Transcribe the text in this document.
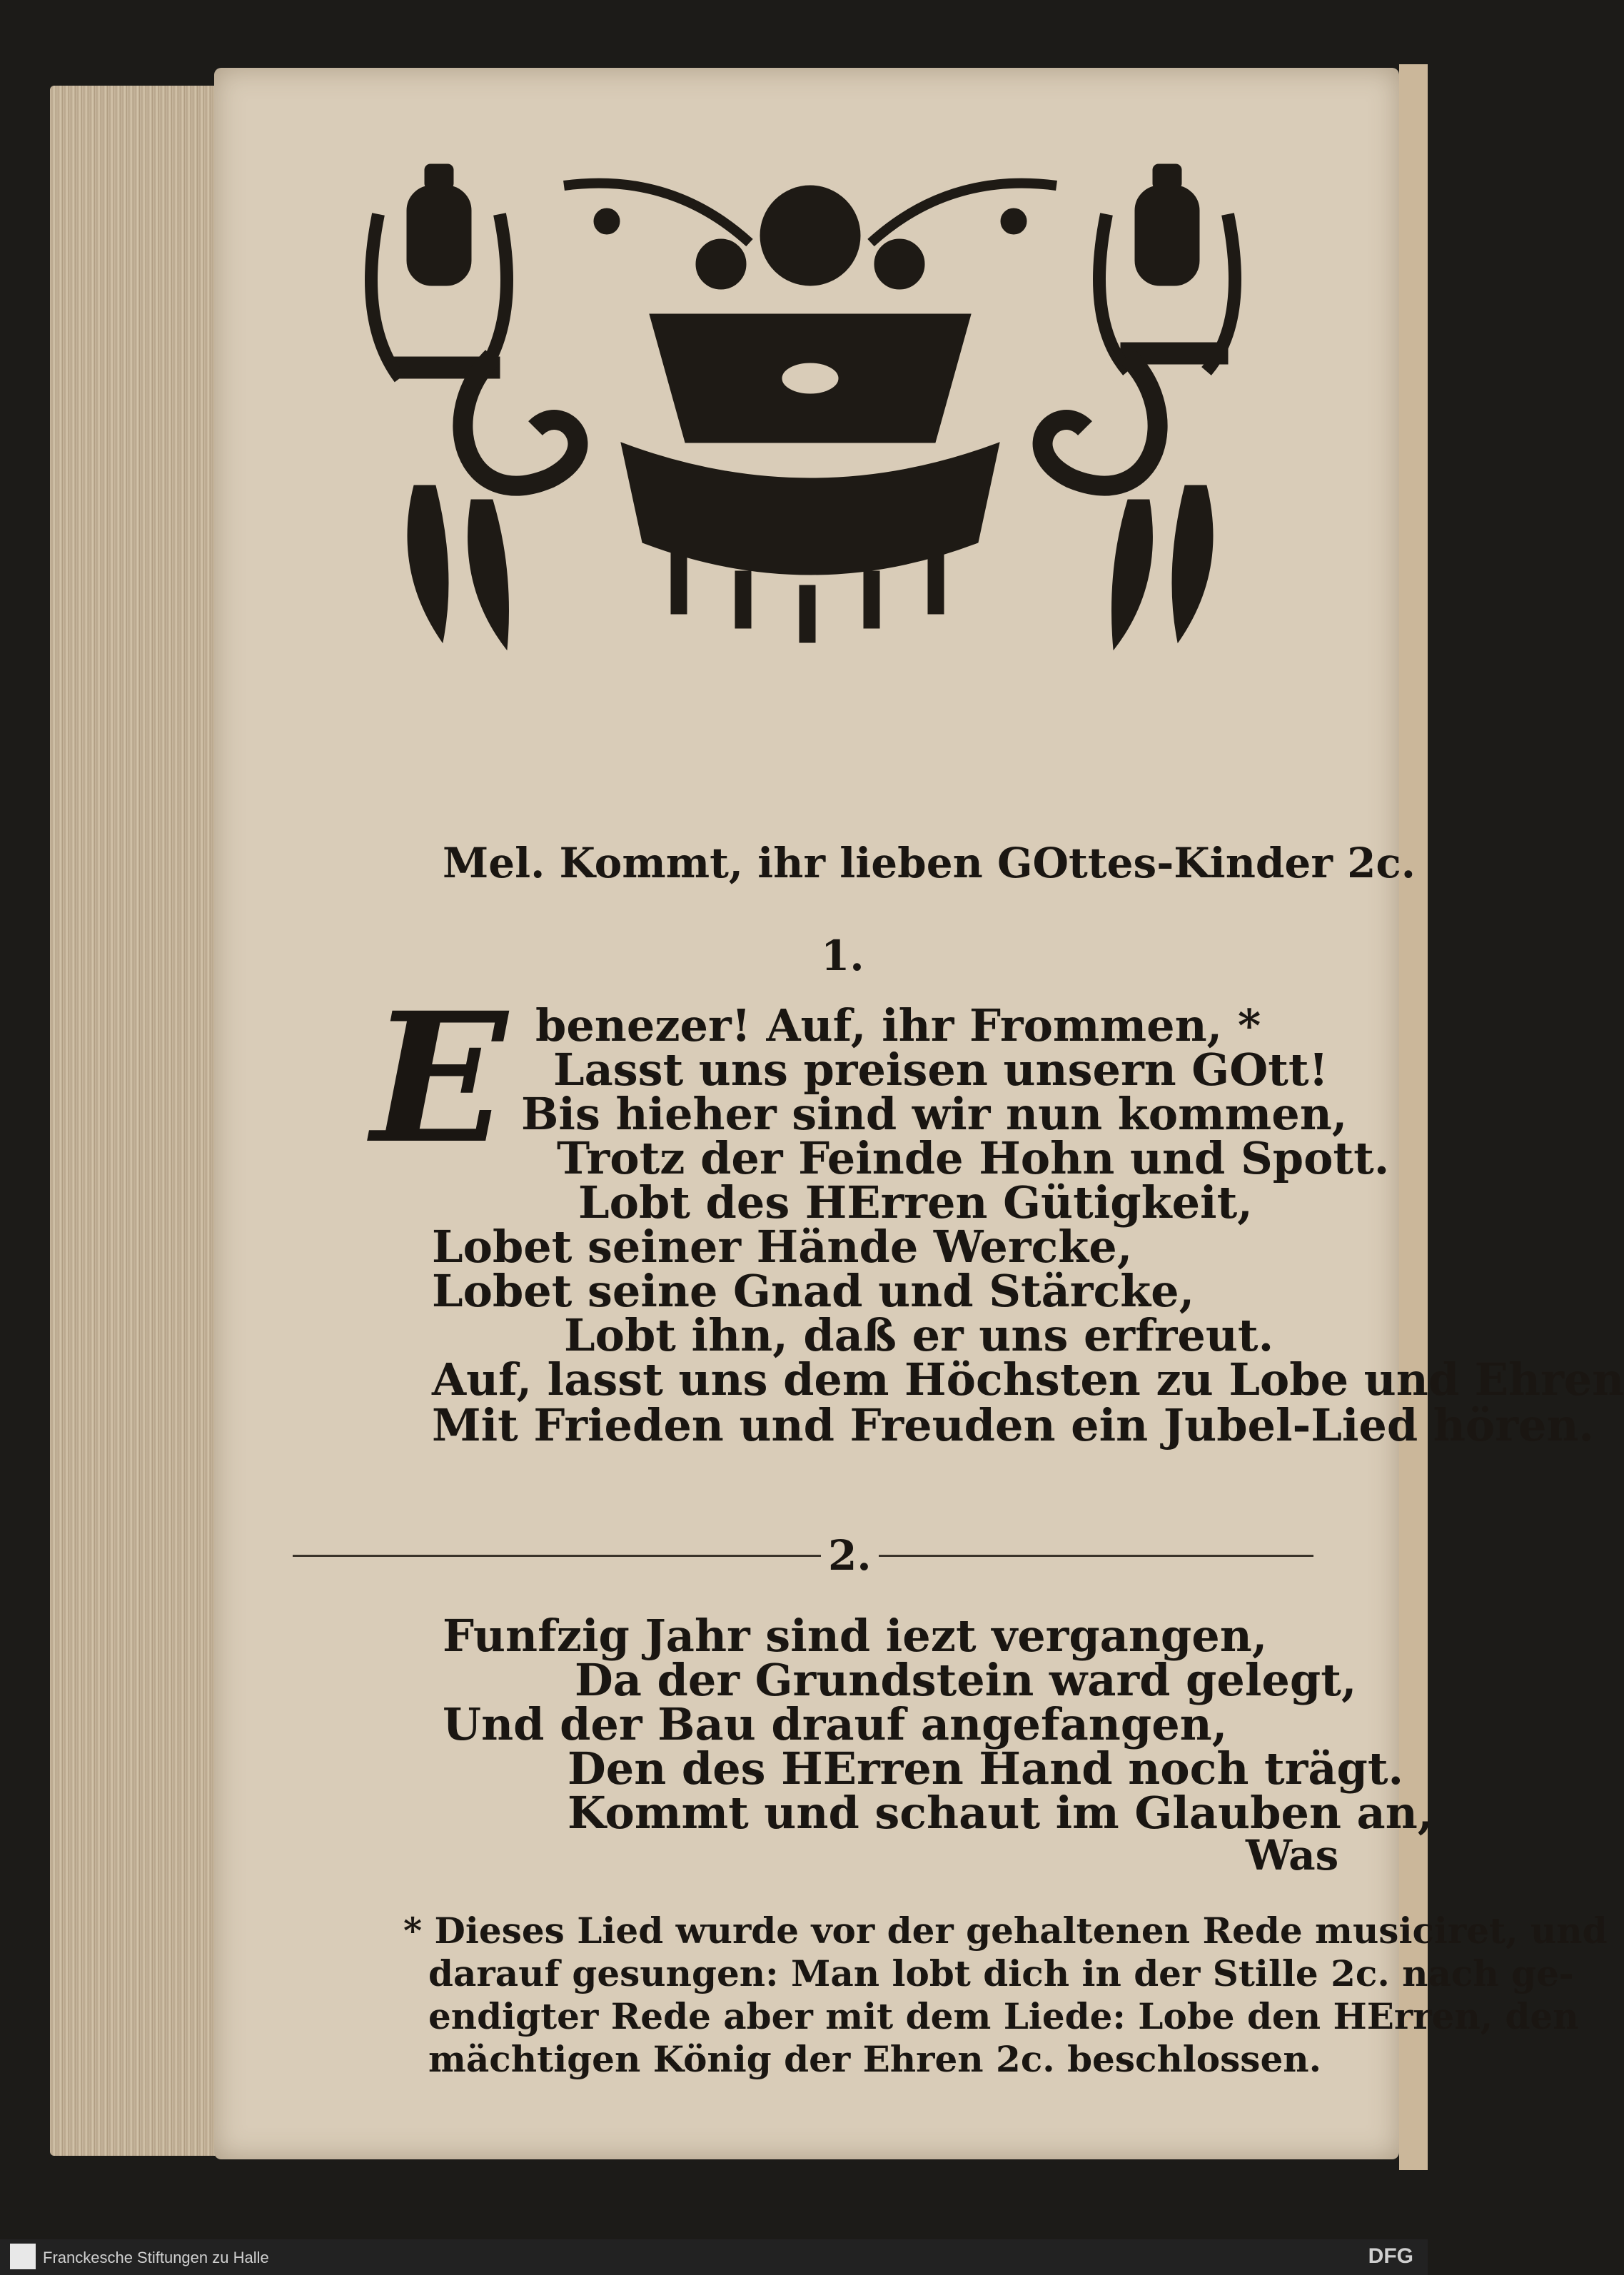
Mel. Kommt, ihr lieben GOttes-Kinder 2c.
1.
E benezer! Auf, ihr Frommen, *
Lasst uns preisen unsern GOtt!
Bis hieher sind wir nun kommen,
Trotz der Feinde Hohn und Spott.
Lobt des HErren Gütigkeit,
Lobet seiner Hände Wercke,
Lobet seine Gnad und Stärcke,
Lobt ihn, daß er uns erfreut.
Auf, lasst uns dem Höchsten zu Lobe und Ehren
Mit Frieden und Freuden ein Jubel-Lied hören.
2.
Funfzig Jahr sind iezt vergangen,
Da der Grundstein ward gelegt,
Und der Bau drauf angefangen,
Den des HErren Hand noch trägt.
Kommt und schaut im Glauben an,
Was
* Dieses Lied wurde vor der gehaltenen Rede musiciret, und
darauf gesungen: Man lobt dich in der Stille 2c. nach ge-
endigter Rede aber mit dem Liede: Lobe den HErren, den
mächtigen König der Ehren 2c. beschlossen.
Franckesche Stiftungen zu Halle	DFG
